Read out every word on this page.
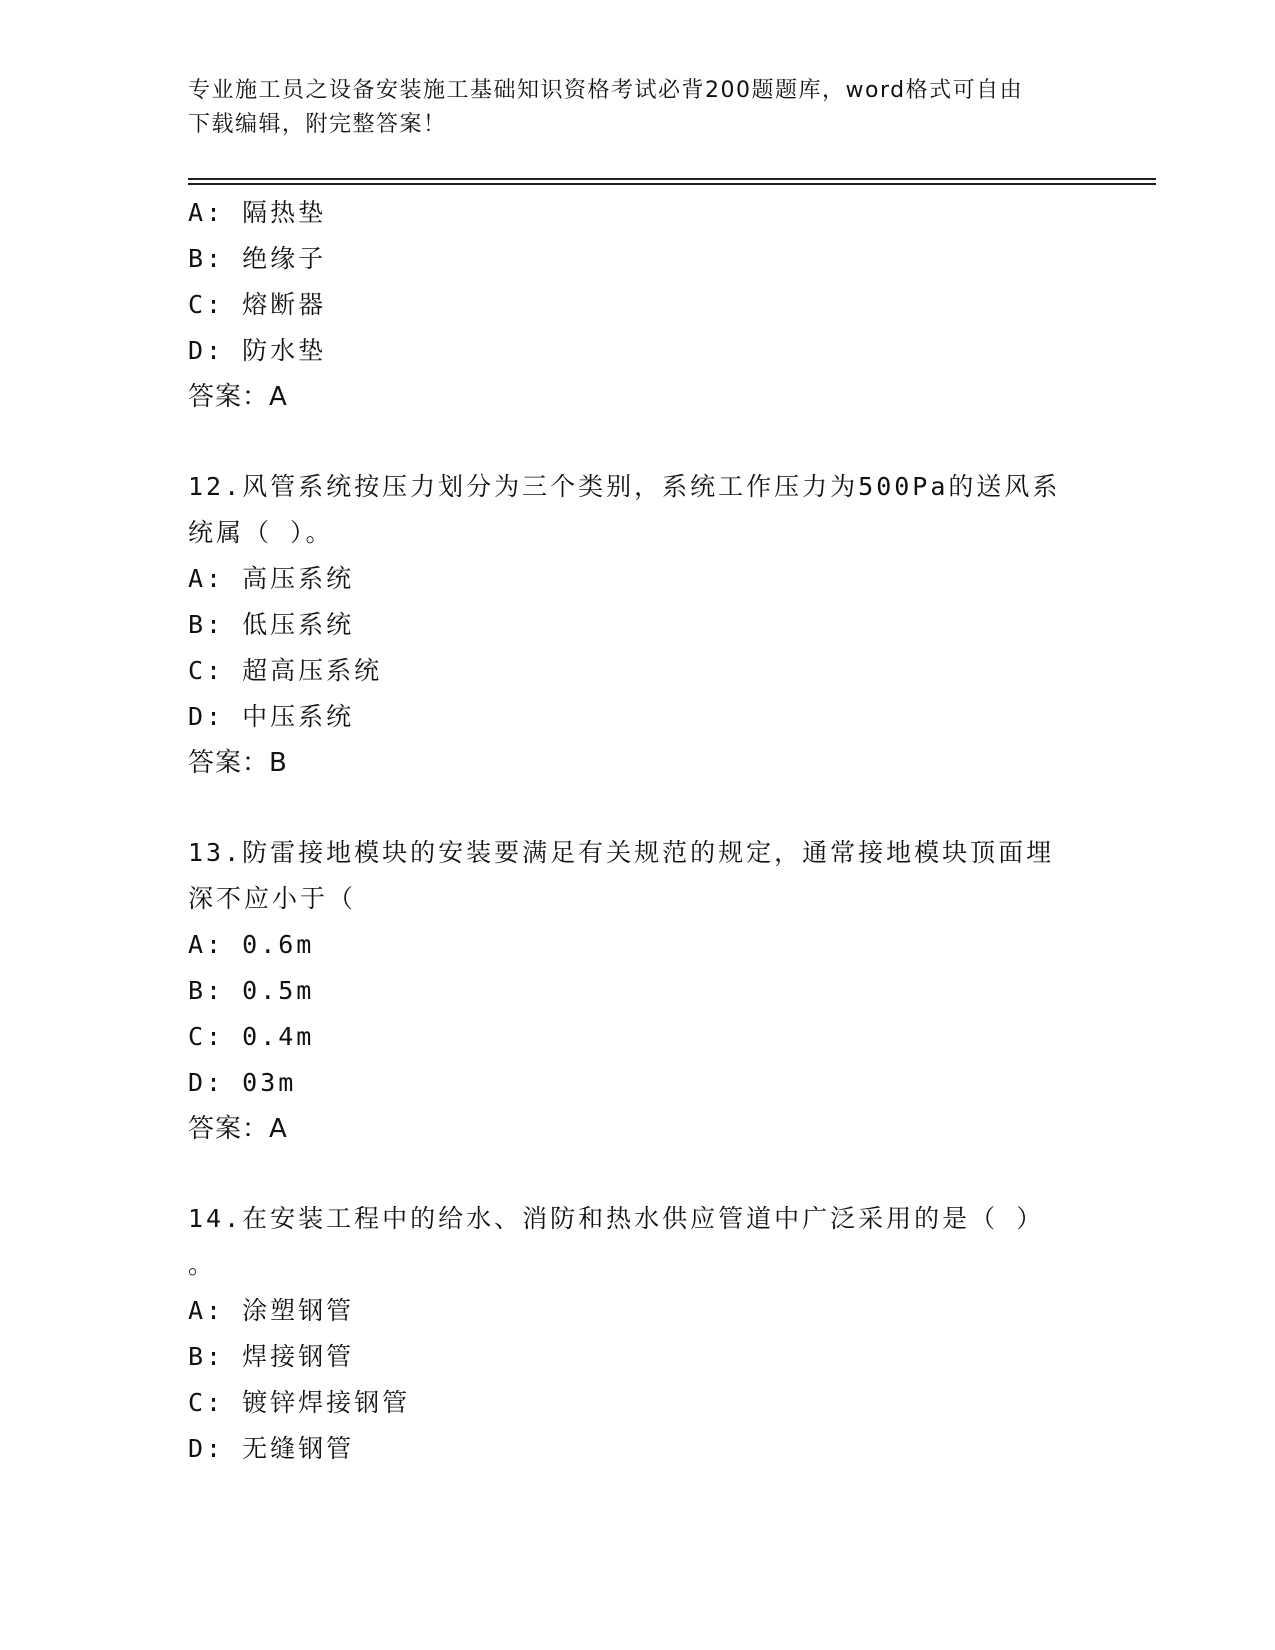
专业施工员之设备安装施工基础知识资格考试必背200题题库，word格式可自由
下载编辑，附完整答案！
A: 隔热垫
B: 绝缘子
C: 熔断器
D: 防水垫
答案：A
12.风管系统按压力划分为三个类别，系统工作压力为500Pa的送风系
统属（ ）。
A: 高压系统
B: 低压系统
C: 超高压系统
D: 中压系统
答案：B
13.防雷接地模块的安装要满足有关规范的规定，通常接地模块顶面埋
深不应小于（
A: 0.6m
B: 0.5m
C: 0.4m
D: 03m
答案：A
14.在安装工程中的给水、消防和热水供应管道中广泛采用的是（ ）
。
A: 涂塑钢管
B: 焊接钢管
C: 镀锌焊接钢管
D: 无缝钢管
